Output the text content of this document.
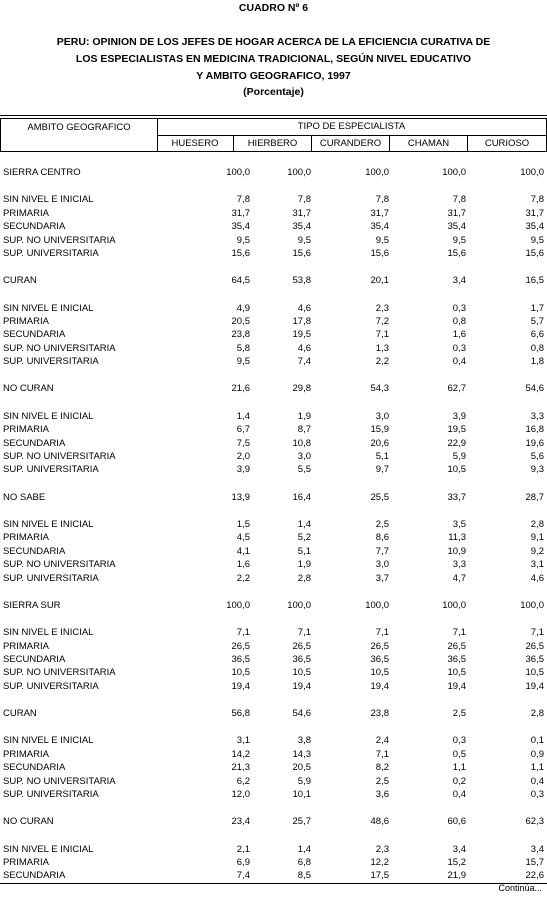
CUADRO Nº 6
PERU: OPINION DE LOS JEFES DE HOGAR ACERCA DE LA EFICIENCIA CURATIVA DE
LOS ESPECIALISTAS EN MEDICINA TRADICIONAL, SEGÚN NIVEL EDUCATIVO
Y AMBITO GEOGRAFICO, 1997
(Porcentaje)
AMBITO GEOGRAFICO	TIPO DE ESPECIALISTA
HUESERO	HIERBERO	CURANDERO	CHAMAN	CURIOSO
SIERRA CENTRO	100,0	100,0	100,0	100,0	100,0
SIN NIVEL E INICIAL	7,8	7,8	7,8	7,8	7,8
PRIMARIA	31,7	31,7	31,7	31,7	31,7
SECUNDARIA	35,4	35,4	35,4	35,4	35,4
SUP. NO UNIVERSITARIA	9,5	9,5	9,5	9,5	9,5
SUP. UNIVERSITARIA	15,6	15,6	15,6	15,6	15,6
CURAN	64,5	53,8	20,1	3,4	16,5
SIN NIVEL E INICIAL	4,9	4,6	2,3	0,3	1,7
PRIMARIA	20,5	17,8	7,2	0,8	5,7
SECUNDARIA	23,8	19,5	7,1	1,6	6,6
SUP. NO UNIVERSITARIA	5,8	4,6	1,3	0,3	0,8
SUP. UNIVERSITARIA	9,5	7,4	2,2	0,4	1,8
NO CURAN	21,6	29,8	54,3	62,7	54,6
SIN NIVEL E INICIAL	1,4	1,9	3,0	3,9	3,3
PRIMARIA	6,7	8,7	15,9	19,5	16,8
SECUNDARIA	7,5	10,8	20,6	22,9	19,6
SUP. NO UNIVERSITARIA	2,0	3,0	5,1	5,9	5,6
SUP. UNIVERSITARIA	3,9	5,5	9,7	10,5	9,3
NO SABE	13,9	16,4	25,5	33,7	28,7
SIN NIVEL E INICIAL	1,5	1,4	2,5	3,5	2,8
PRIMARIA	4,5	5,2	8,6	11,3	9,1
SECUNDARIA	4,1	5,1	7,7	10,9	9,2
SUP. NO UNIVERSITARIA	1,6	1,9	3,0	3,3	3,1
SUP. UNIVERSITARIA	2,2	2,8	3,7	4,7	4,6
SIERRA SUR	100,0	100,0	100,0	100,0	100,0
SIN NIVEL E INICIAL	7,1	7,1	7,1	7,1	7,1
PRIMARIA	26,5	26,5	26,5	26,5	26,5
SECUNDARIA	36,5	36,5	36,5	36,5	36,5
SUP. NO UNIVERSITARIA	10,5	10,5	10,5	10,5	10,5
SUP. UNIVERSITARIA	19,4	19,4	19,4	19,4	19,4
CURAN	56,8	54,6	23,8	2,5	2,8
SIN NIVEL E INICIAL	3,1	3,8	2,4	0,3	0,1
PRIMARIA	14,2	14,3	7,1	0,5	0,9
SECUNDARIA	21,3	20,5	8,2	1,1	1,1
SUP. NO UNIVERSITARIA	6,2	5,9	2,5	0,2	0,4
SUP. UNIVERSITARIA	12,0	10,1	3,6	0,4	0,3
NO CURAN	23,4	25,7	48,6	60,6	62,3
SIN NIVEL E INICIAL	2,1	1,4	2,3	3,4	3,4
PRIMARIA	6,9	6,8	12,2	15,2	15,7
SECUNDARIA	7,4	8,5	17,5	21,9	22,6
Continúa...
